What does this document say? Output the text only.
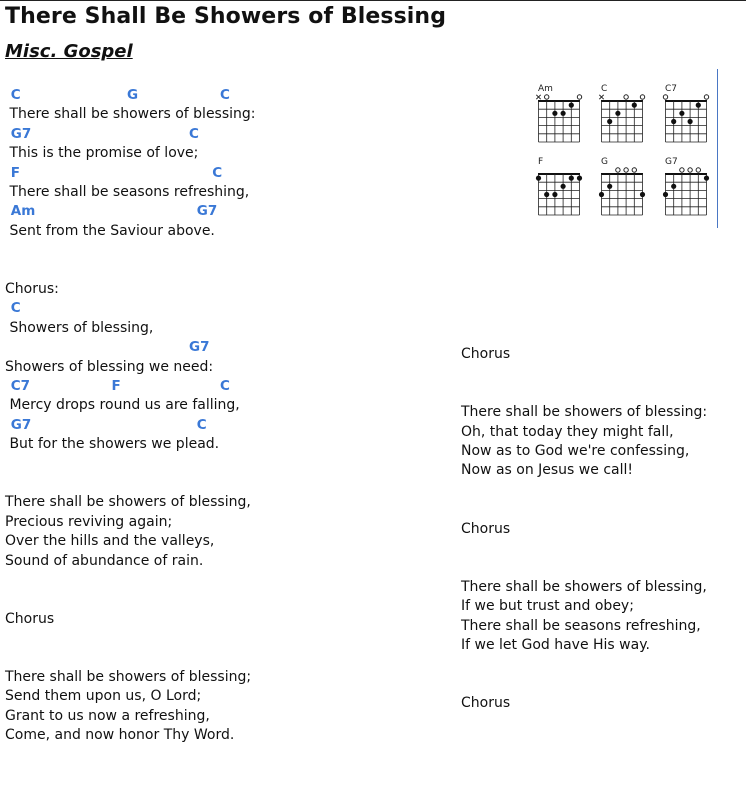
There Shall Be Showers of Blessing
Misc. Gospel
C	G	C
There shall be showers of blessing:
G7	C
This is the promise of love;
F	C
There shall be seasons refreshing,
Am	G7
Sent from the Saviour above.
Chorus:
C
Showers of blessing,
G7
Showers of blessing we need:
C7	F	C
Mercy drops round us are falling,
G7	C
But for the showers we plead.
There shall be showers of blessing,
Precious reviving again;
Over the hills and the valleys,
Sound of abundance of rain.
Chorus
There shall be showers of blessing;
Send them upon us, O Lord;
Grant to us now a refreshing,
Come, and now honor Thy Word.
Chorus
There shall be showers of blessing:
Oh, that today they might fall,
Now as to God we're confessing,
Now as on Jesus we call!
Chorus
There shall be showers of blessing,
If we but trust and obey;
There shall be seasons refreshing,
If we let God have His way.
Chorus
Am	C	C7
F	G	G7
